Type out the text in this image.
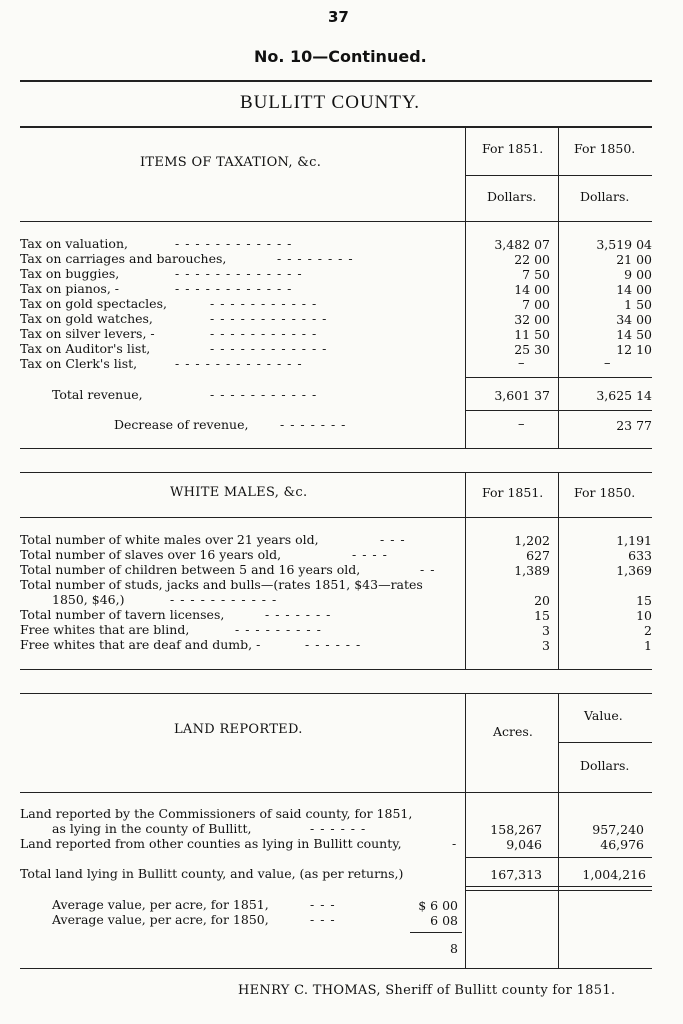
37
No. 10—Continued.
BULLITT COUNTY.
ITEMS OF TAXATION, &c.
For 1851. For 1850.
Dollars.	Dollars.
Tax on valuation,	- - - - - - - - - - - -	3,482 07	3,519 04
Tax on carriages and barouches,	- - - - - - - -	22 00	21 00
Tax on buggies,	- - - - - - - - - - - - -	7 50	9 00
Tax on pianos, -	- - - - - - - - - - - -	14 00	14 00
Tax on gold spectacles,	- - - - - - - - - - -	7 00	1 50
Tax on gold watches,	- - - - - - - - - - - -	32 00	34 00
Tax on silver levers, -	- - - - - - - - - - -	11 50	14 50
Tax on Auditor's list,	- - - - - - - - - - - -	25 30	12 10
Tax on Clerk's list,	- - - - - - - - - - - - -	–	–
Total revenue,	- - - - - - - - - - -	3,601 37	3,625 14
Decrease of revenue,	- - - - - - -	–	23 77
WHITE MALES, &c.	For 1851. For 1850.
Total number of white males over 21 years old,	- - -	1,202	1,191
Total number of slaves over 16 years old,	- - - -	627	633
Total number of children between 5 and 16 years old,	- -	1,389	1,369
Total number of studs, jacks and bulls—(rates 1851, $43—rates
1850, $46,)	- - - - - - - - - - -	20	15
Total number of tavern licenses,	- - - - - - -	15	10
Free whites that are blind,	- - - - - - - - -	3	2
Free whites that are deaf and dumb, -	- - - - - -	3	1
LAND REPORTED.	Acres.
Value.
Dollars.
Land reported by the Commissioners of said county, for 1851,
as lying in the county of Bullitt,	- - - - - -	158,267	957,240
Land reported from other counties as lying in Bullitt county,	-	9,046	46,976
Total land lying in Bullitt county, and value, (as per returns,)	167,313	1,004,216
Average value, per acre, for 1851,	- - -	$ 6 00
Average value, per acre, for 1850,	- - -	6 08
8
HENRY C. THOMAS, Sheriff of Bullitt county for 1851.
